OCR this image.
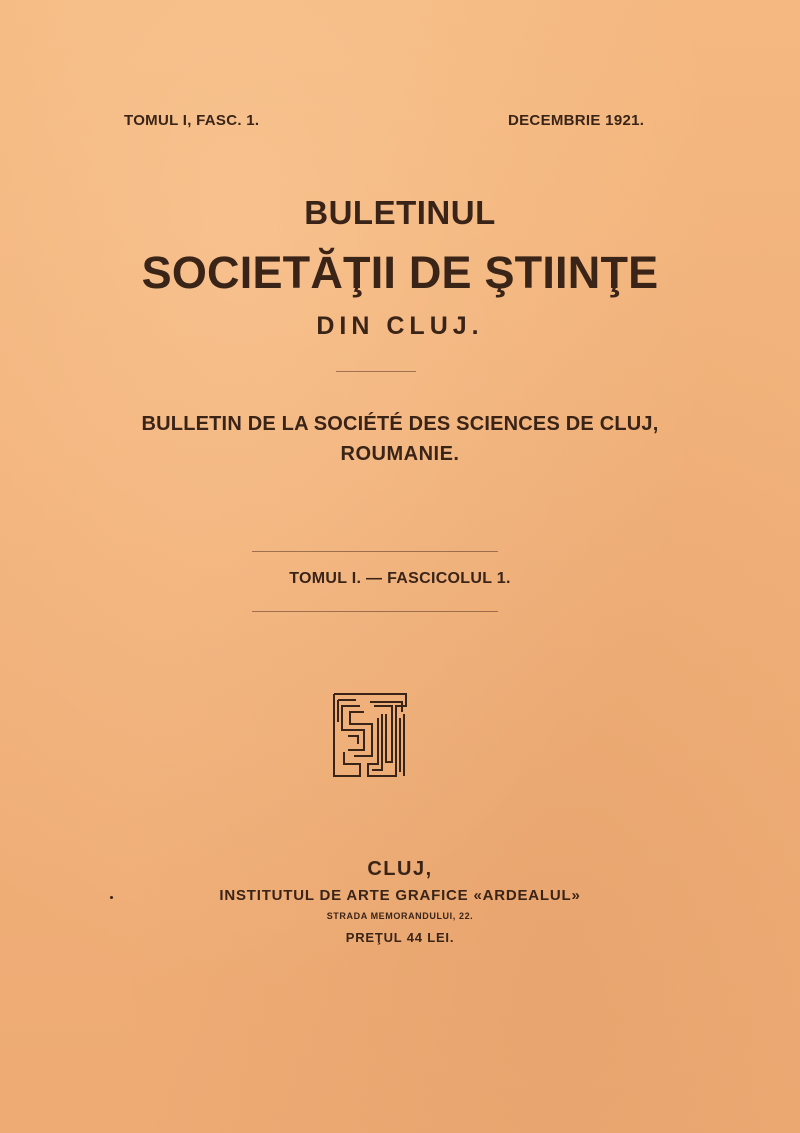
TOMUL I, FASC. 1.	DECEMBRIE 1921.
BULETINUL
SOCIETĂŢII DE ŞTIINŢE
DIN CLUJ.
BULLETIN DE LA SOCIÉTÉ DES SCIENCES DE CLUJ,
ROUMANIE.
TOMUL I. — FASCICOLUL 1.
CLUJ,
INSTITUTUL DE ARTE GRAFICE «ARDEALUL»
STRADA MEMORANDULUI, 22.
PREŢUL 44 LEI.
